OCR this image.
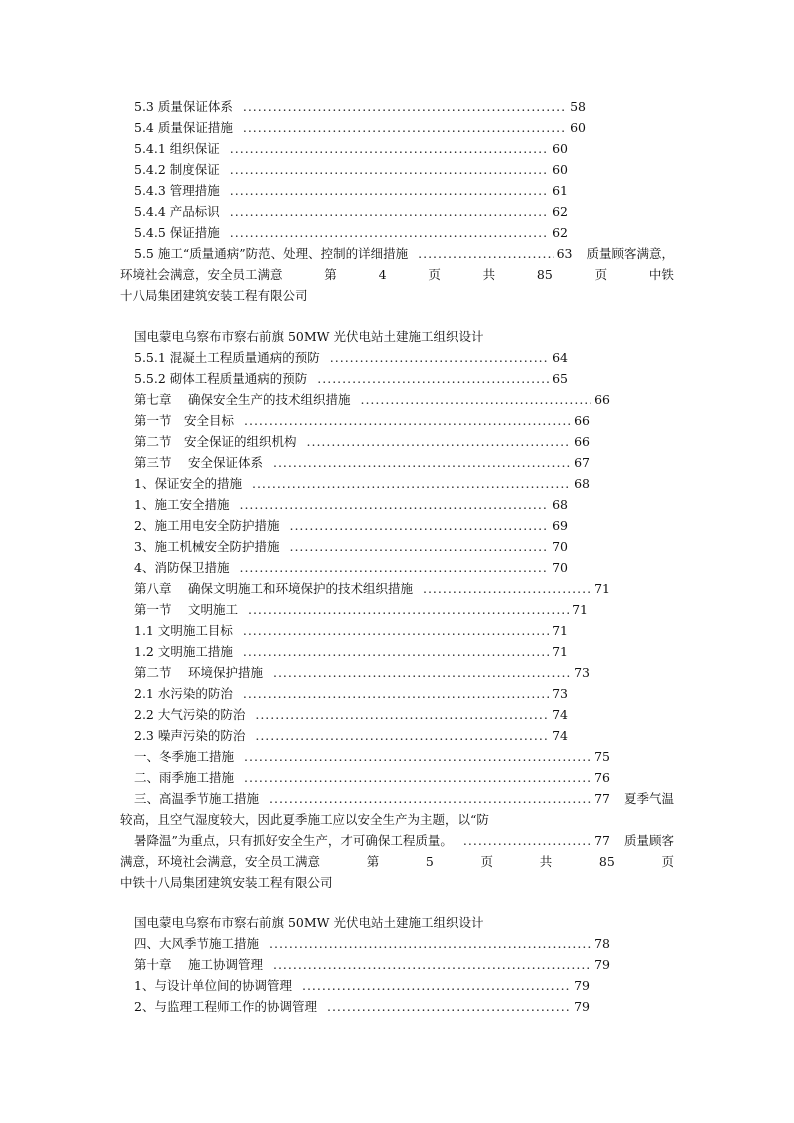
5.3 质量保证体系 .....	58
5.4 质量保证措施 .....	60
5.4.1 组织保证 .....	60
5.4.2 制度保证 .....	60
5.4.3 管理措施 .....	61
5.4.4 产品标识 .....	62
5.4.5 保证措施 .....	62
5.5 施工“质量通病”防范、处理、控制的详细措施 .....	63 质量顾客满意，
环境社会满意，安全员工满意	第	4	页	共	85	页	中铁
十八局集团建筑安装工程有限公司
国电蒙电乌察布市察右前旗 50MW 光伏电站土建施工组织设计
5.5.1 混凝土工程质量通病的预防 .....	64
5.5.2 砌体工程质量通病的预防 .....	65
第七章　 确保安全生产的技术组织措施 .....	66
第一节　安全目标 .....	66
第二节　安全保证的组织机构 .....	66
第三节　 安全保证体系 .....	67
1、保证安全的措施 .....	68
1、施工安全措施 .....	68
2、施工用电安全防护措施 .....	69
3、施工机械安全防护措施 .....	70
4、消防保卫措施 .....	70
第八章　 确保文明施工和环境保护的技术组织措施 .....	71
第一节　 文明施工 .....	71
1.1 文明施工目标 .....	71
1.2 文明施工措施 .....	71
第二节　 环境保护措施 .....	73
2.1 水污染的防治 .....	73
2.2 大气污染的防治 .....	74
2.3 噪声污染的防治 .....	74
一、冬季施工措施 .....	75
二、雨季施工措施 .....	76
三、高温季节施工措施 .....	77 夏季气温
较高，且空气湿度较大，因此夏季施工应以安全生产为主题，以“防
暑降温”为重点，只有抓好安全生产，才可确保工程质量。 .....	77 质量顾客
满意，环境社会满意，安全员工满意	第	5	页	共	85	页
中铁十八局集团建筑安装工程有限公司
国电蒙电乌察布市察右前旗 50MW 光伏电站土建施工组织设计
四、大风季节施工措施 .....	78
第十章　 施工协调管理 .....	79
1、与设计单位间的协调管理 .....	79
2、与监理工程师工作的协调管理 .....	79
